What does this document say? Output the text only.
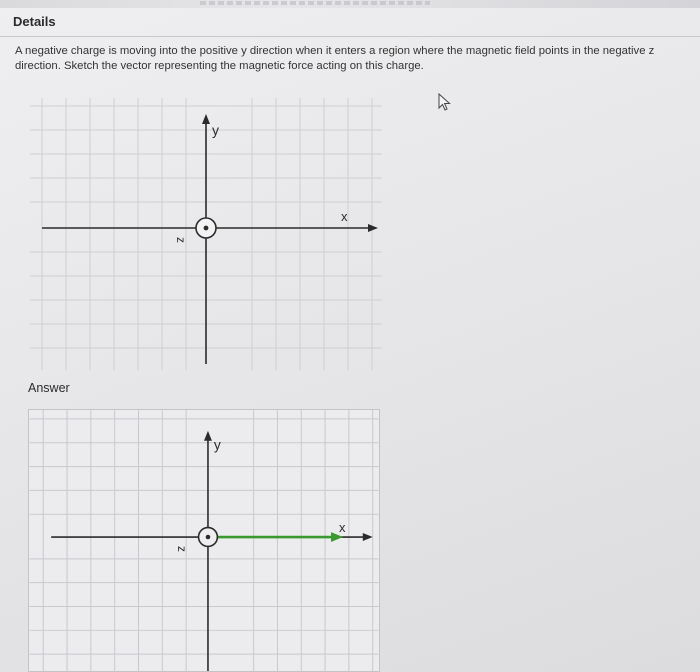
Details
A negative charge is moving into the positive y direction when it enters a region where the magnetic field points in the negative z direction. Sketch the vector representing the magnetic force acting on this charge.
y
x
z
Answer
y
x
z
